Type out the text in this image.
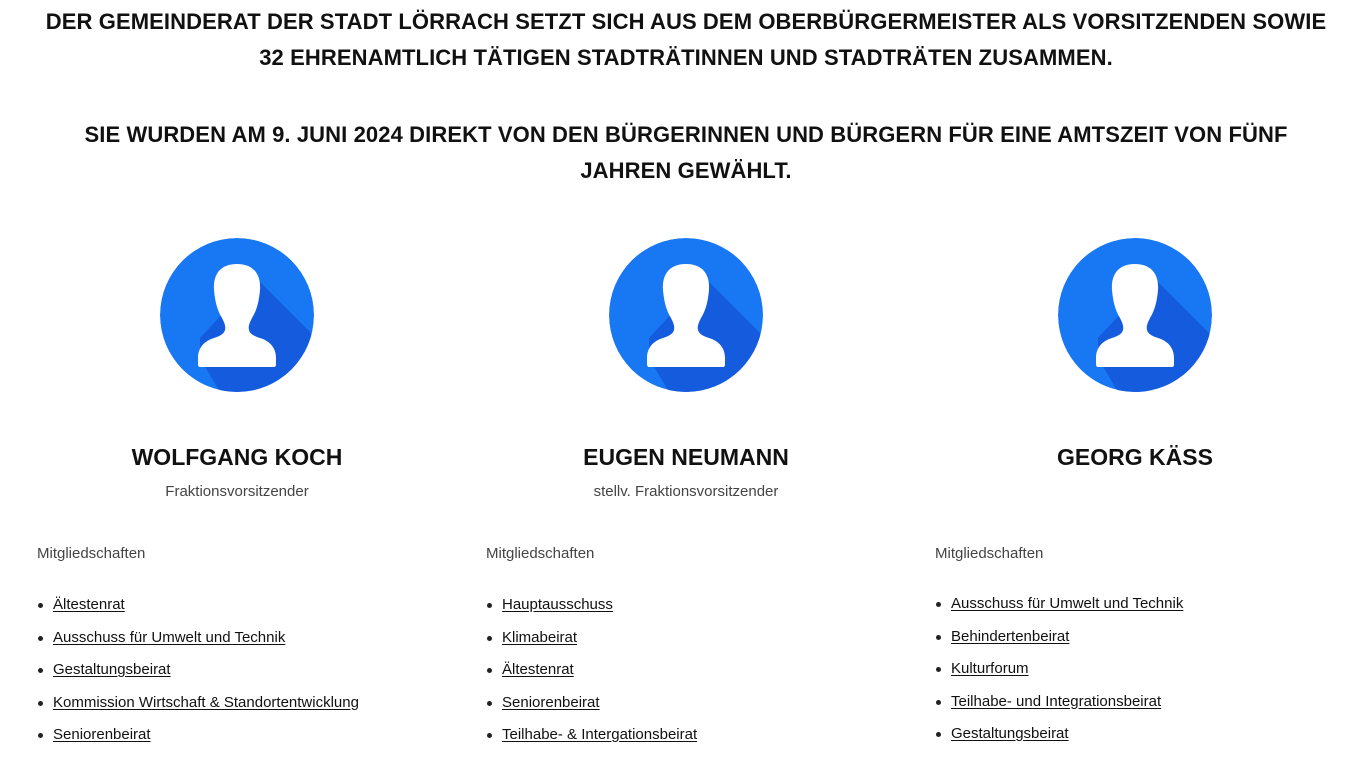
DER GEMEINDERAT DER STADT LÖRRACH SETZT SICH AUS DEM OBERBÜRGERMEISTER ALS VORSITZENDEN SOWIE 32 EHRENAMTLICH TÄTIGEN STADTRÄTINNEN UND STADTRÄTEN ZUSAMMEN.
SIE WURDEN AM 9. JUNI 2024 DIREKT VON DEN BÜRGERINNEN UND BÜRGERN FÜR EINE AMTSZEIT VON FÜNF JAHREN GEWÄHLT.
WOLFGANG KOCH
Fraktionsvorsitzender
Mitgliedschaften
Ältestenrat
Ausschuss für Umwelt und Technik
Gestaltungsbeirat
Kommission Wirtschaft & Standortentwicklung
Seniorenbeirat
EUGEN NEUMANN
stellv. Fraktionsvorsitzender
Mitgliedschaften
Hauptausschuss
Klimabeirat
Ältestenrat
Seniorenbeirat
Teilhabe- & Intergationsbeirat
GEORG KÄSS
Mitgliedschaften
Ausschuss für Umwelt und Technik
Behindertenbeirat
Kulturforum
Teilhabe- und Integrationsbeirat
Gestaltungsbeirat
